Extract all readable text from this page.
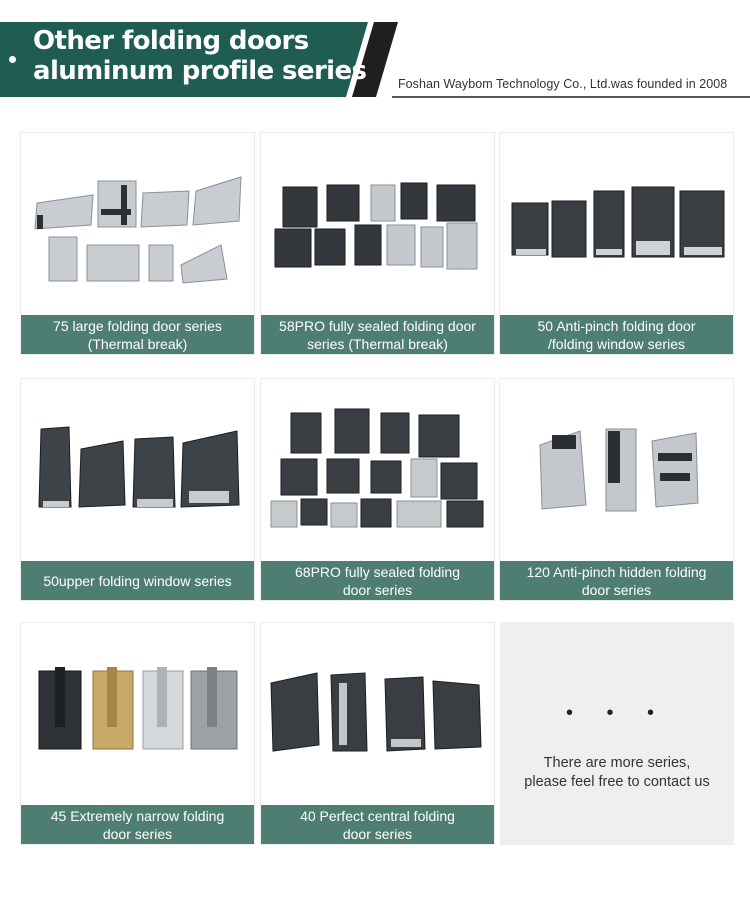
Other folding doors
aluminum profile series	Foshan Waybom Technology Co., Ltd.was founded in 2008
75 large folding door series
(Thermal break)
58PRO fully sealed folding door
series (Thermal break)
50 Anti-pinch folding door
/folding window series
50upper folding window series
68PRO fully sealed folding
door series
120 Anti-pinch hidden folding
door series
45 Extremely narrow folding
door series
40 Perfect central folding
door series
• • •
There are more series,
please feel free to contact us
